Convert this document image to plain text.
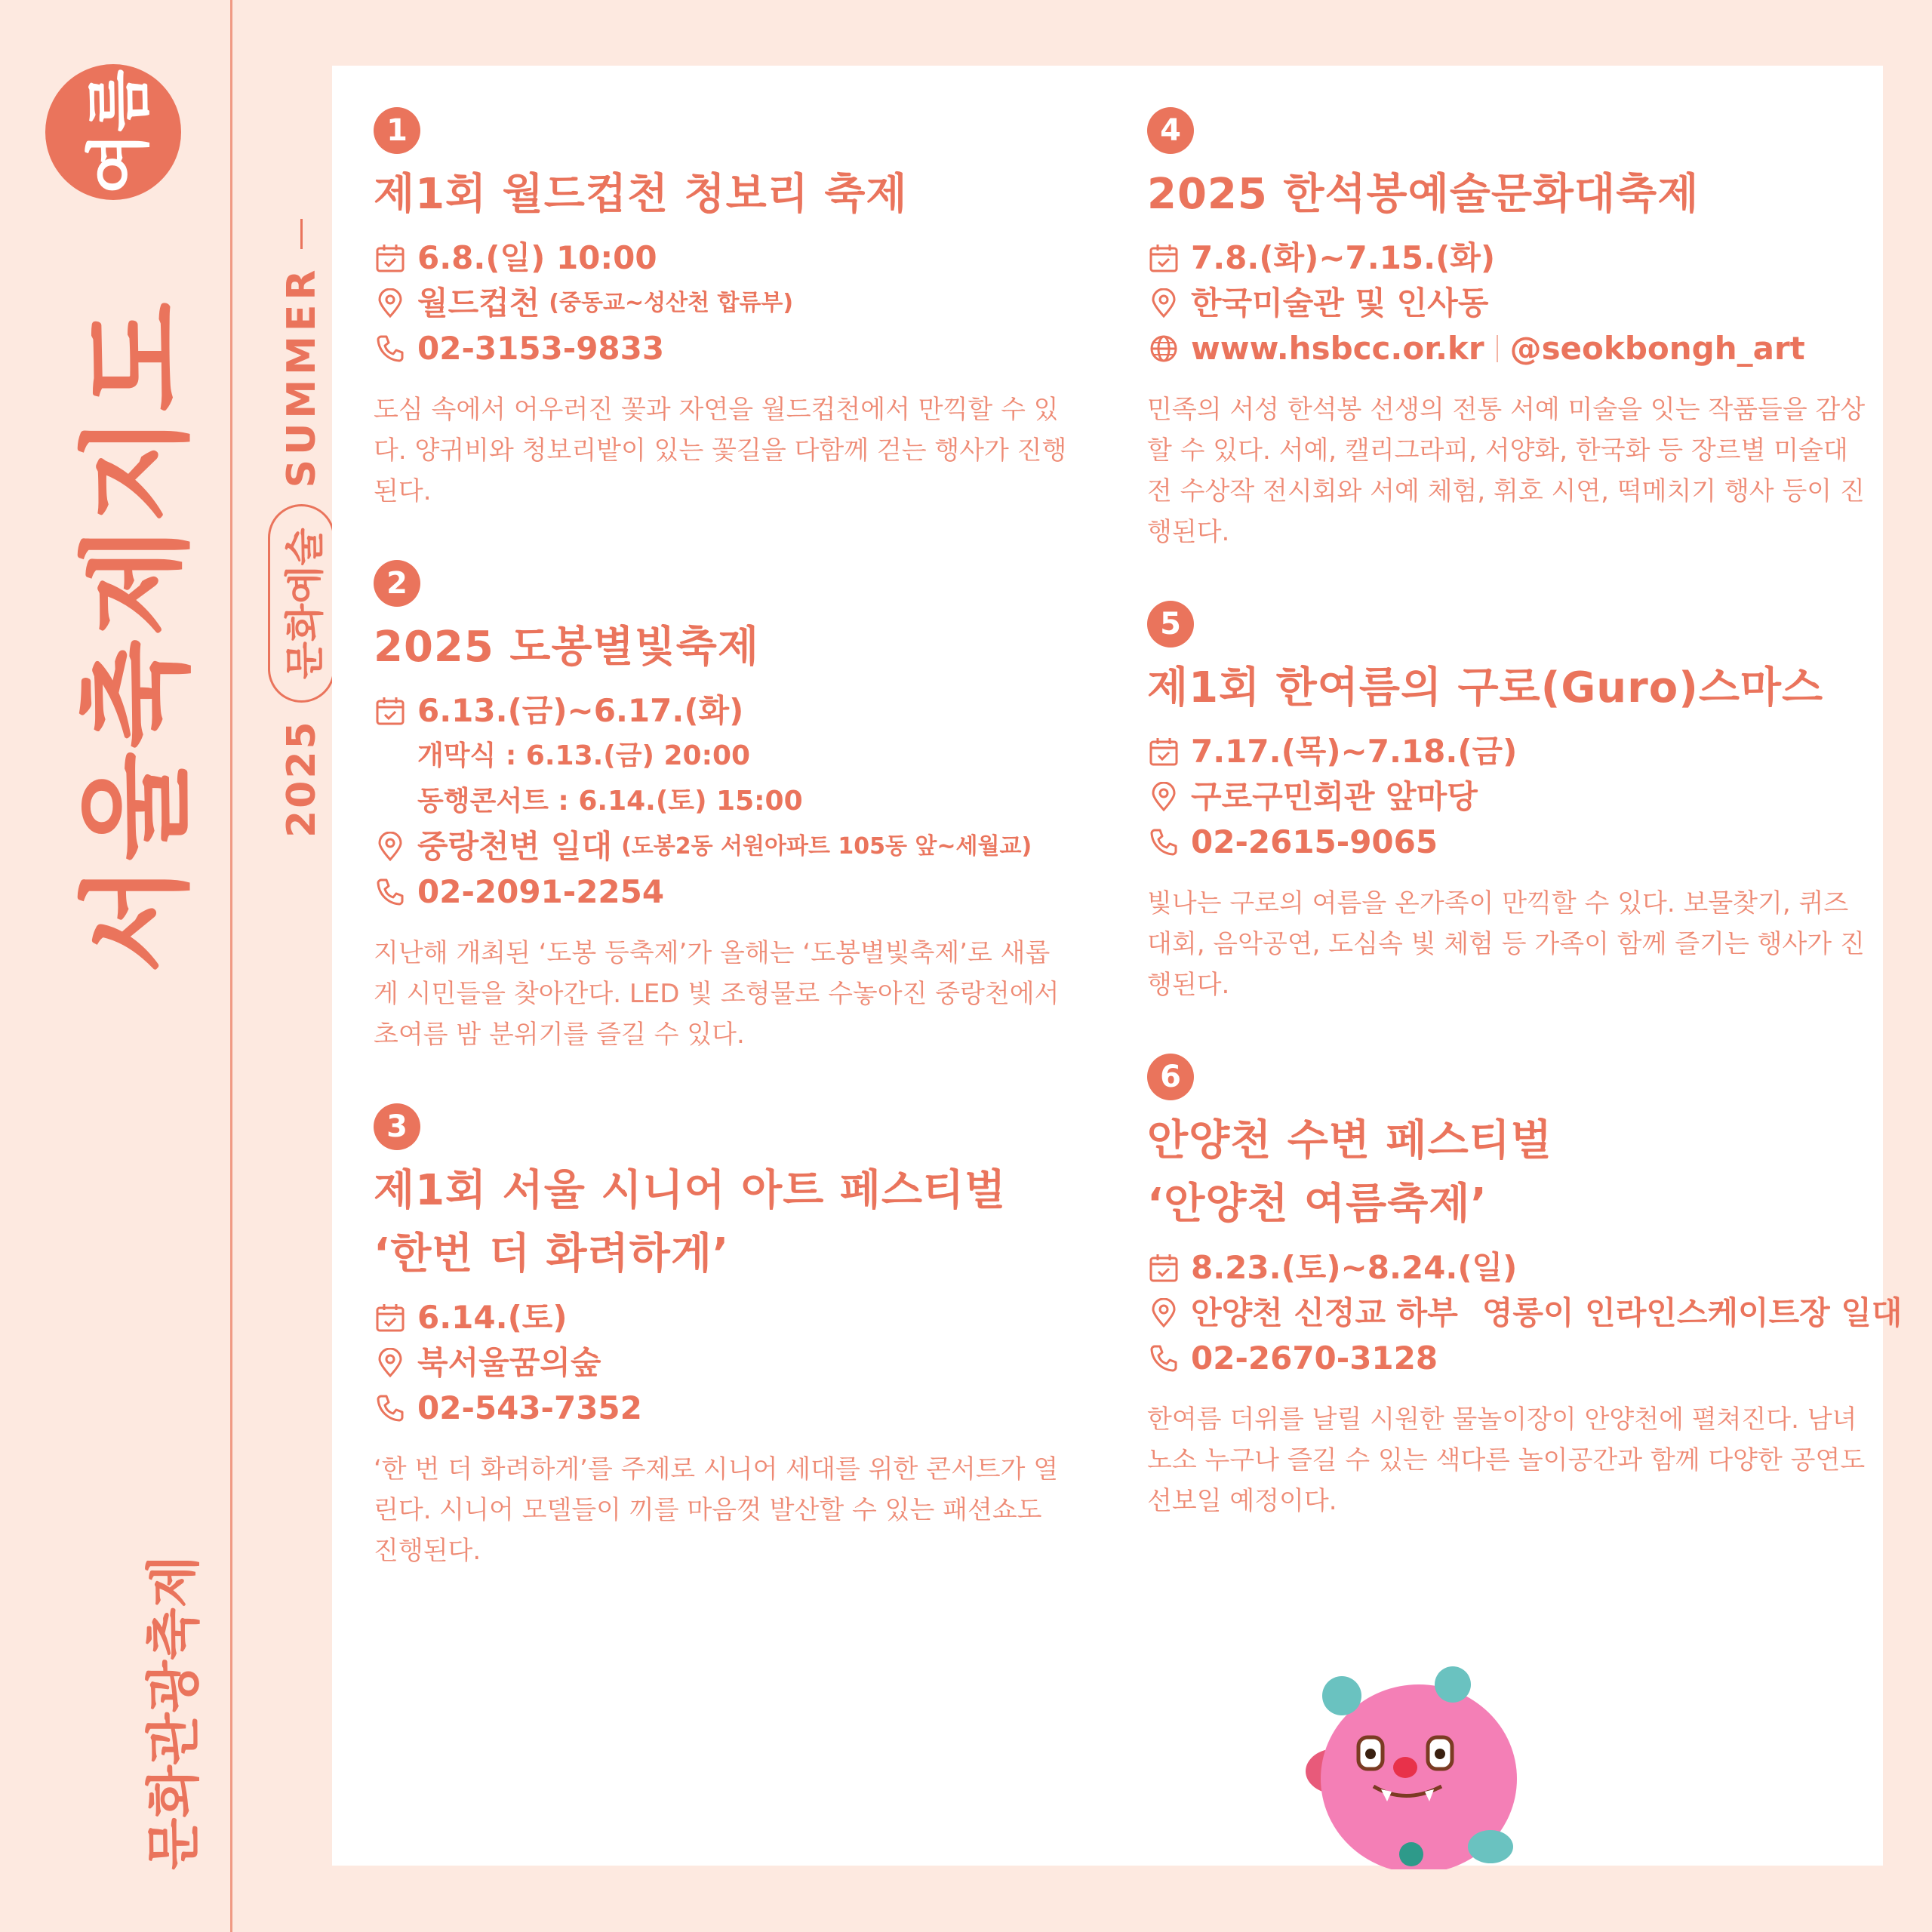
서울축제지도
여름
2025
문화예술
SUMMER
문화관광축제
1
제1회 월드컵천 청보리 축제
6.8.(일) 10:00
월드컵천 (중동교~성산천 합류부)
02-3153-9833
도심 속에서 어우러진 꽃과 자연을 월드컵천에서 만끽할 수 있다. 양귀비와 청보리밭이 있는 꽃길을 다함께 걷는 행사가 진행된다.
2
2025 도봉별빛축제
6.13.(금)~6.17.(화)
개막식 : 6.13.(금) 20:00
동행콘서트 : 6.14.(토) 15:00
중랑천변 일대 (도봉2동 서원아파트 105동 앞~세월교)
02-2091-2254
지난해 개최된 ‘도봉 등축제’가 올해는 ‘도봉별빛축제’로 새롭게 시민들을 찾아간다. LED 빛 조형물로 수놓아진 중랑천에서 초여름 밤 분위기를 즐길 수 있다.
3
제1회 서울 시니어 아트 페스티벌
‘한번 더 화려하게’
6.14.(토)
북서울꿈의숲
02-543-7352
‘한 번 더 화려하게’를 주제로 시니어 세대를 위한 콘서트가 열린다. 시니어 모델들이 끼를 마음껏 발산할 수 있는 패션쇼도 진행된다.
4
2025 한석봉예술문화대축제
7.8.(화)~7.15.(화)
한국미술관 및 인사동
www.hsbcc.or.kr @seokbongh_art
민족의 서성 한석봉 선생의 전통 서예 미술을 잇는 작품들을 감상할 수 있다. 서예, 캘리그라피, 서양화, 한국화 등 장르별 미술대전 수상작 전시회와 서예 체험, 휘호 시연, 떡메치기 행사 등이 진행된다.
5
제1회 한여름의 구로(Guro)스마스
7.17.(목)~7.18.(금)
구로구민회관 앞마당
02-2615-9065
빛나는 구로의 여름을 온가족이 만끽할 수 있다. 보물찾기, 퀴즈대회, 음악공연, 도심속 빛 체험 등 가족이 함께 즐기는 행사가 진행된다.
6
안양천 수변 페스티벌
‘안양천 여름축제’
8.23.(토)~8.24.(일)
안양천 신정교 하부 영롱이 인라인스케이트장 일대
02-2670-3128
한여름 더위를 날릴 시원한 물놀이장이 안양천에 펼쳐진다. 남녀노소 누구나 즐길 수 있는 색다른 놀이공간과 함께 다양한 공연도 선보일 예정이다.
